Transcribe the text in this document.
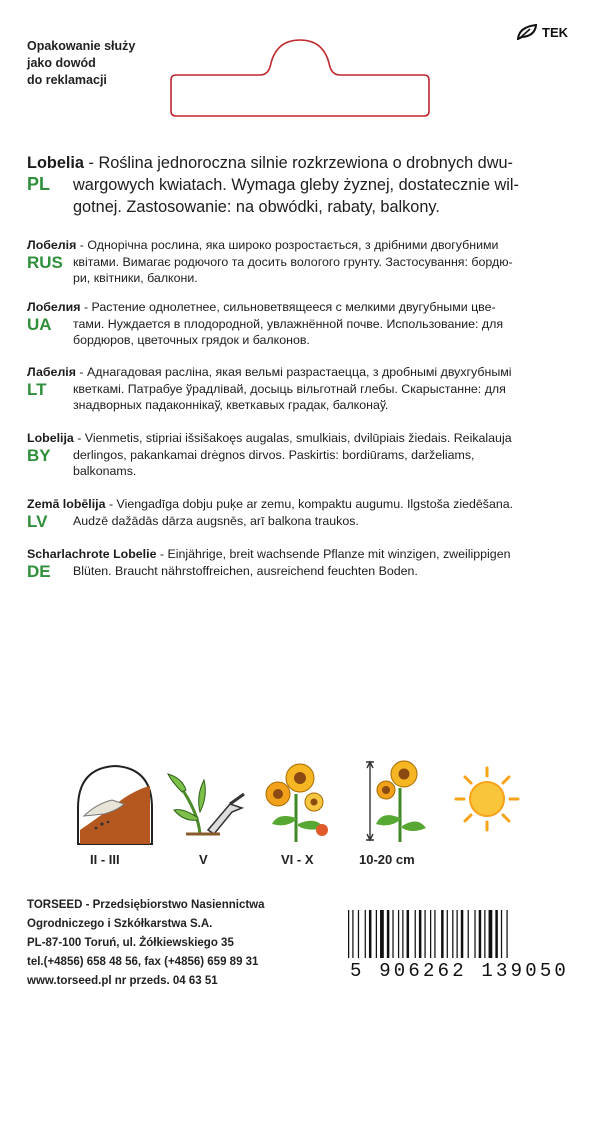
Opakowanie służy
jako dowód
do reklamacji
TEK
PL

Lobelia - Roślina jednoroczna silnie rozkrzewiona o drobnych dwu-

wargowych kwiatach. Wymaga gleby żyznej, dostatecznie wil-

gotnej. Zastosowanie: na obwódki, rabaty, balkony.

RUS

Лобелія - Однорічна рослина, яка широко розростається, з дрібними двогубними

квітами. Вимагає родючого та досить вологого грунту. Застосування: бордю-

ри, квітники, балкони.

UA

Лобелия - Растение однолетнее, сильноветвящееся с мелкими двугубными цве-

тами. Нуждается в плодородной, увлажнённой почве. Использование: для

бордюров, цветочных грядок и балконов.

LT

Лабелія - Аднагадовая расліна, якая вельмі разрастаецца, з дробнымі двухгубнымі

кветкамі. Патрабуе ўрадлівай, досыць вільготнай глебы. Скарыстанне: для

знадворных падаконнікаў, кветкавых градак, балконаў.

BY

Lobelija - Vienmetis, stipriai išsišakoęs augalas, smulkiais, dvilūpiais žiedais. Reikalauja

derlingos, pakankamai drėgnos dirvos. Paskirtis: bordiūrams, darželiams,

balkonams.

LV

Zemā lobēlija - Viengadīga dobju puķe ar zemu, kompaktu augumu. Ilgstoša ziedēšana.

Audzē dažādās dārza augsnēs, arī balkona traukos.

DE

Scharlachrote Lobelie - Einjährige, breit wachsende Pflanze mit winzigen, zweilippigen

Blüten. Braucht nährstoffreichen, ausreichend feuchten Boden.

II - III	V	VI - X	10-20 cm
TORSEED - Przedsiębiorstwo Nasiennictwa
Ogrodniczego i Szkółkarstwa S.A.
PL-87-100 Toruń, ul. Żółkiewskiego 35
tel.(+4856) 658 48 56, fax (+4856) 659 89 31
www.torseed.pl nr przeds. 04 63 51	5 906262 139050
